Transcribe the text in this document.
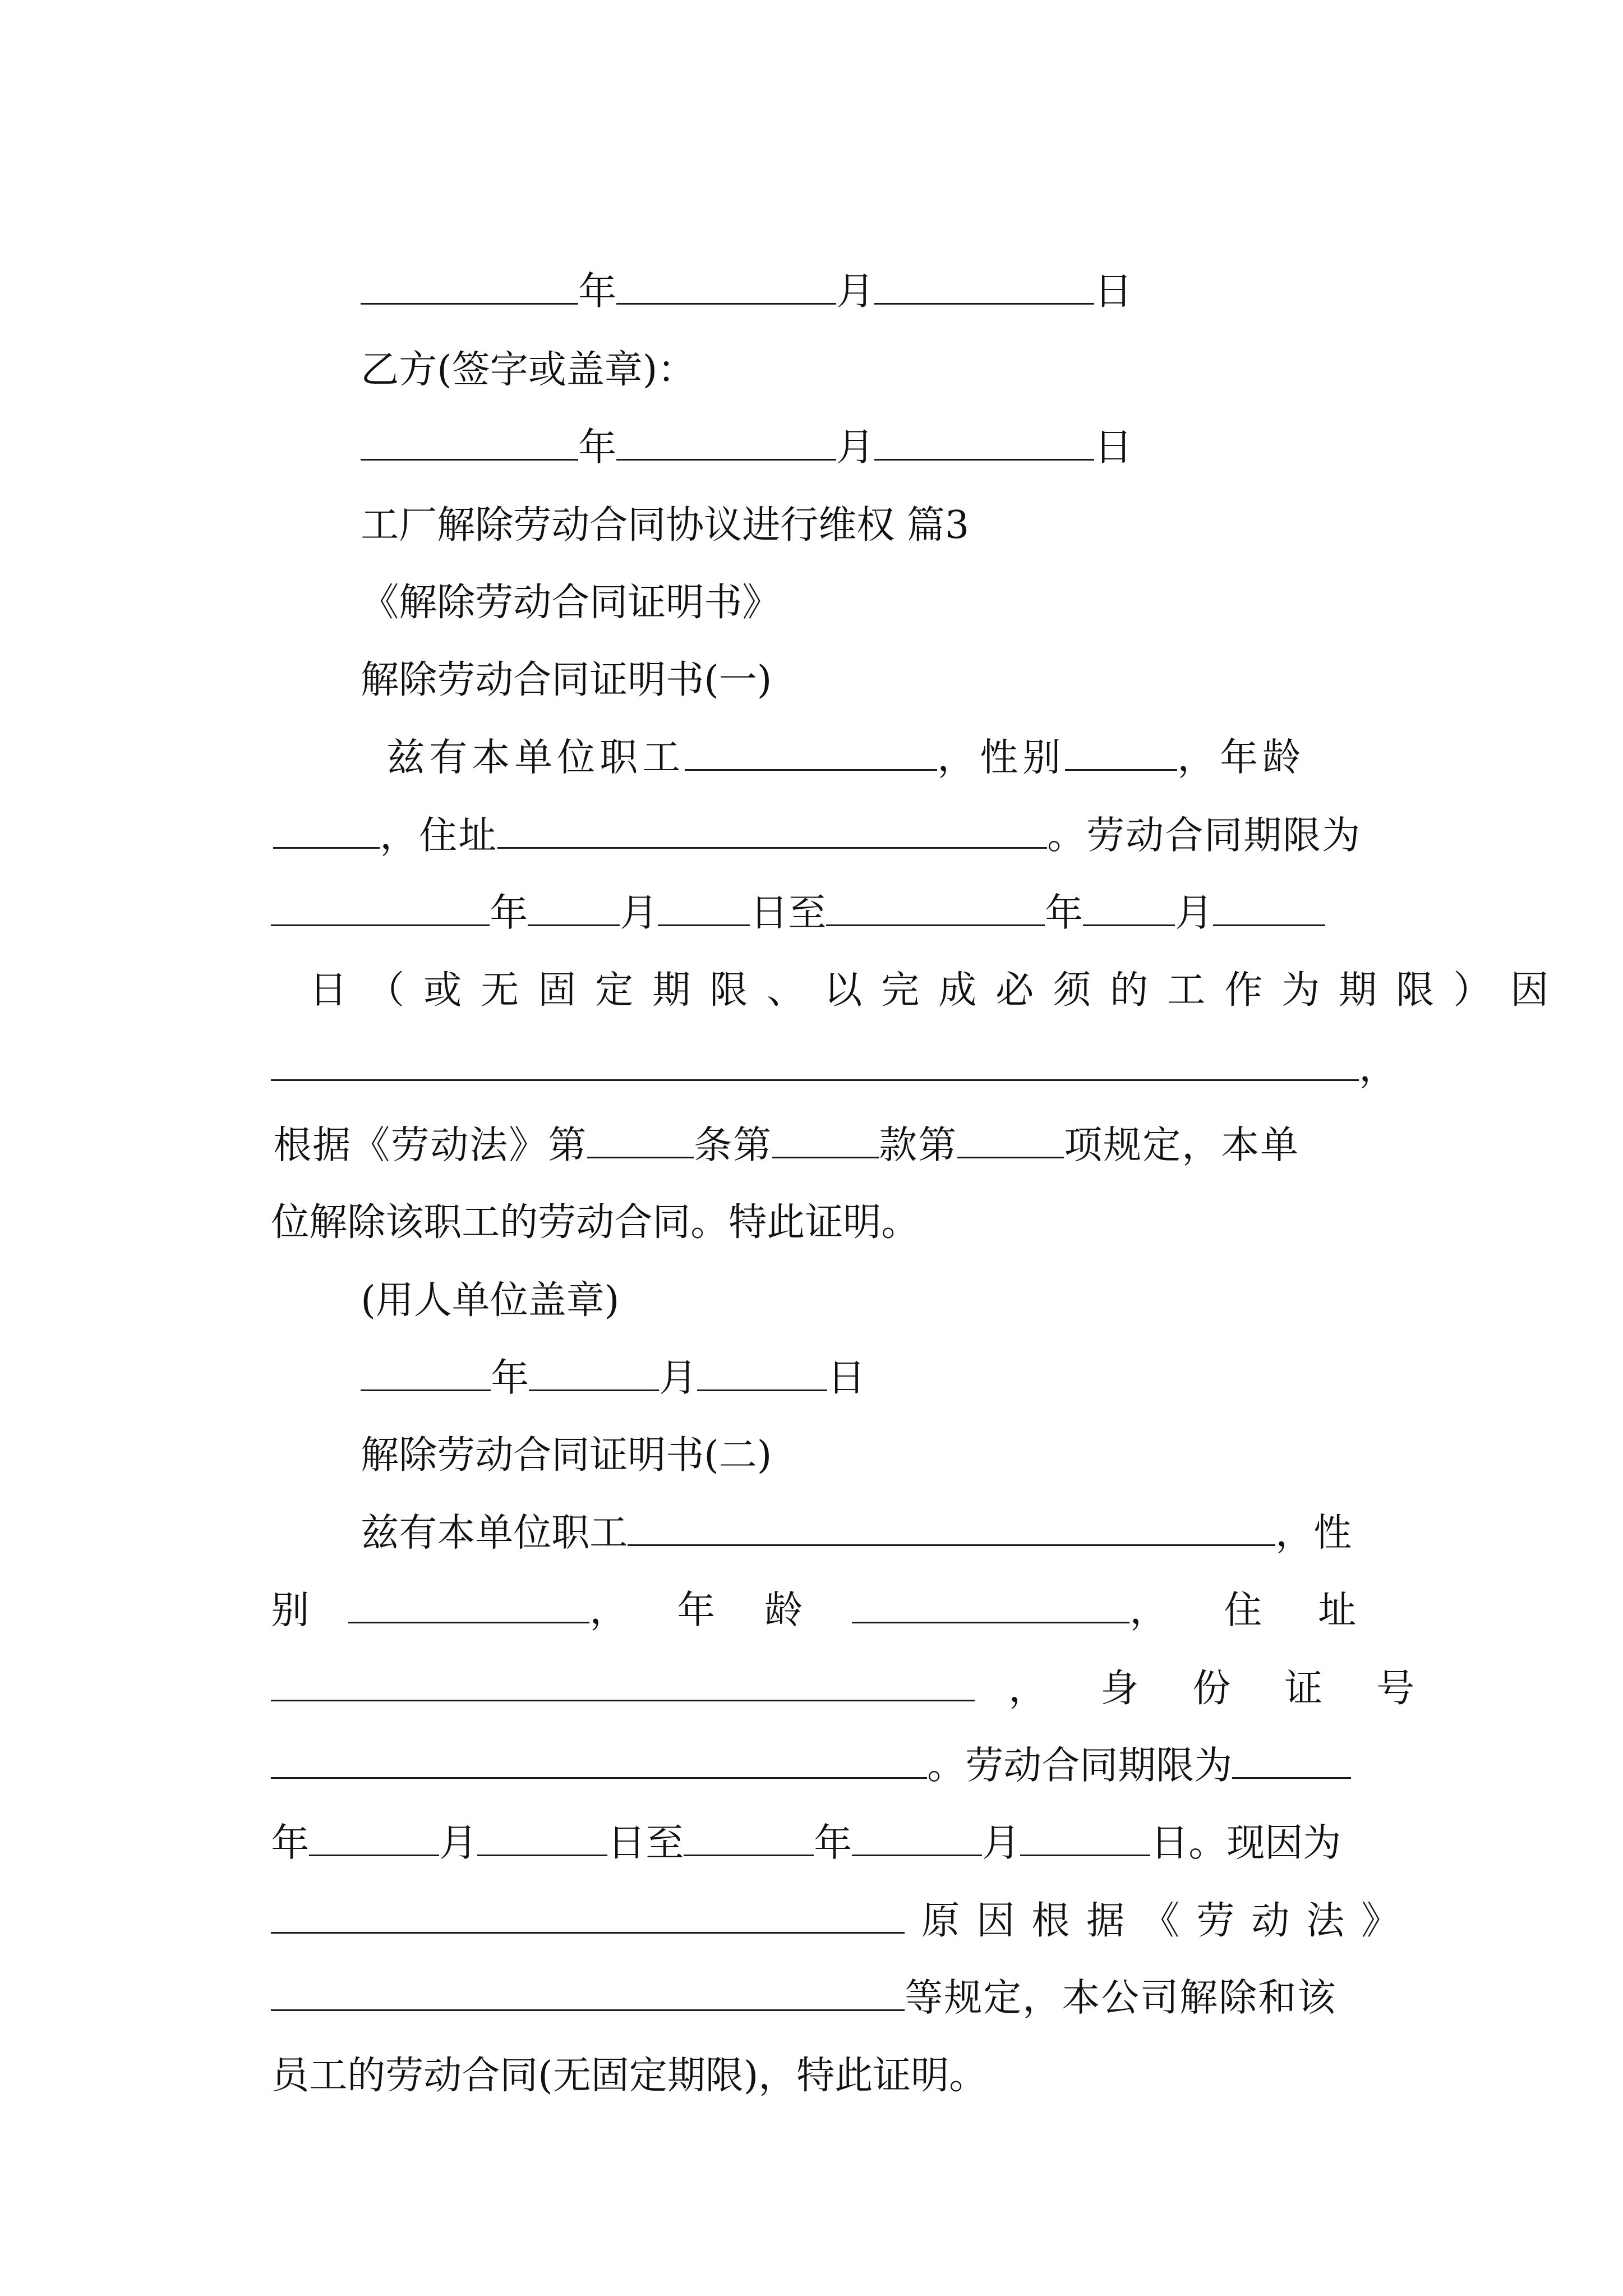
年	月	日

乙方(签字或盖章)：

年	月	日

工厂解除劳动合同协议进行维权 篇3

《解除劳动合同证明书》

解除劳动合同证明书(一)

兹有本单位职工	，性别	，年龄

，住址	。劳动合同期限为

年 月 日至	年 月

日（或无固定期限、以完成必须的工作为期限）因

，

根据《劳动法》第	条第	款第	项规定，本单

位解除该职工的劳动合同。特此证明。

(用人单位盖章)

年	月	日

解除劳动合同证明书(二)

兹有本单位职工	，性

别	，年龄	，住址

，身份证号

。劳动合同期限为

年	月	日至	年	月	日。现因为

原因根据《劳动法》

等规定，本公司解除和该

员工的劳动合同(无固定期限)，特此证明。
